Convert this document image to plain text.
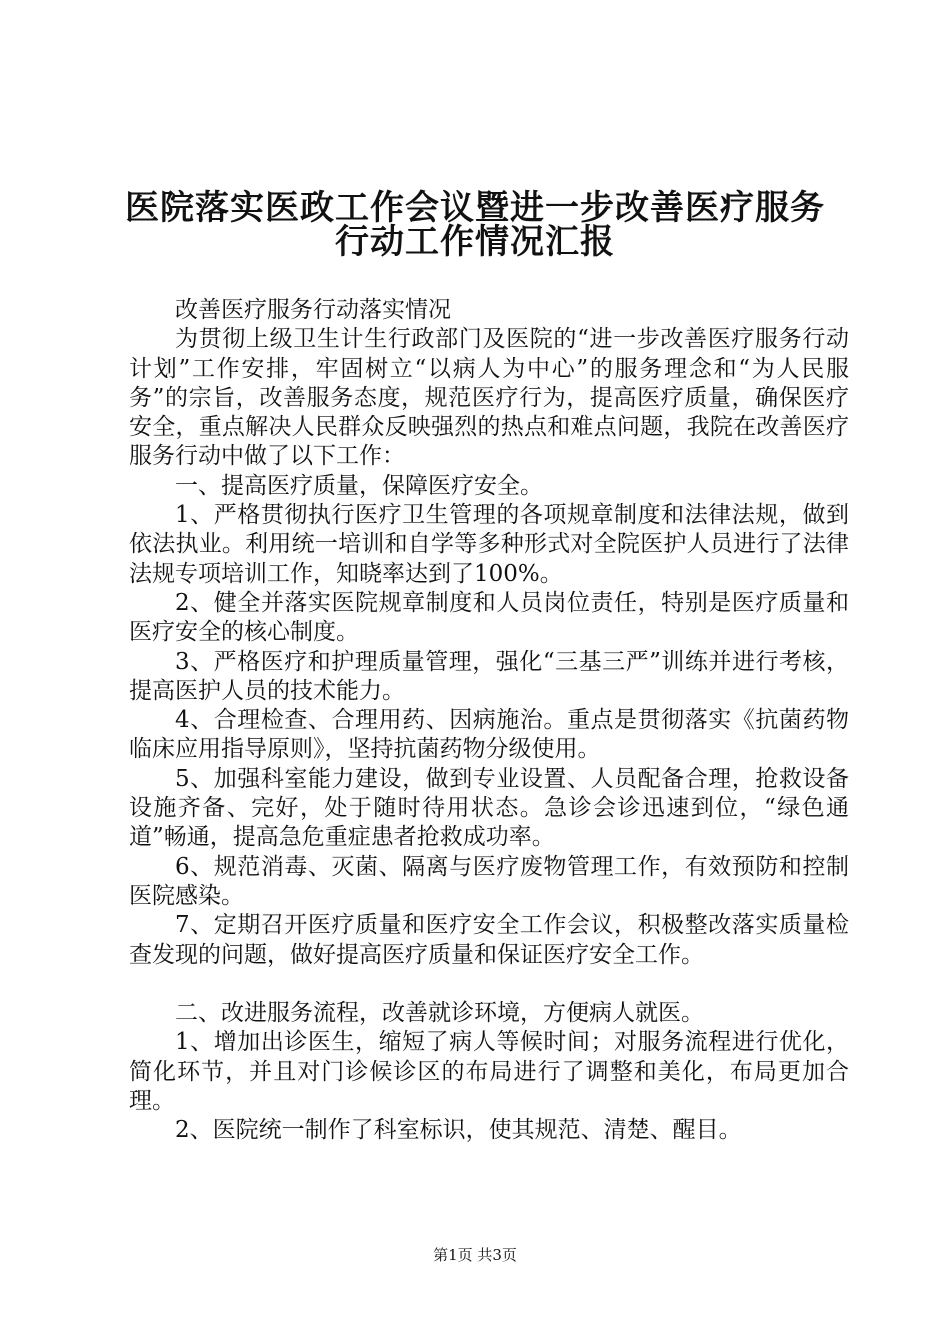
医院落实医政工作会议暨进一步改善医疗服务
行动工作情况汇报

改善医疗服务行动落实情况

为贯彻上级卫生计生行政部门及医院的“进一步改善医疗服务行动计划”工作安排，牢固树立“以病人为中心”的服务理念和“为人民服务”的宗旨，改善服务态度，规范医疗行为，提高医疗质量，确保医疗安全，重点解决人民群众反映强烈的热点和难点问题，我院在改善医疗服务行动中做了以下工作：

一、提高医疗质量，保障医疗安全。

1、严格贯彻执行医疗卫生管理的各项规章制度和法律法规，做到依法执业。利用统一培训和自学等多种形式对全院医护人员进行了法律法规专项培训工作，知晓率达到了100%。

2、健全并落实医院规章制度和人员岗位责任，特别是医疗质量和医疗安全的核心制度。

3、严格医疗和护理质量管理，强化“三基三严”训练并进行考核，提高医护人员的技术能力。

4、合理检查、合理用药、因病施治。重点是贯彻落实《抗菌药物临床应用指导原则》，坚持抗菌药物分级使用。

5、加强科室能力建设，做到专业设置、人员配备合理，抢救设备设施齐备、完好，处于随时待用状态。急诊会诊迅速到位，“绿色通道”畅通，提高急危重症患者抢救成功率。

6、规范消毒、灭菌、隔离与医疗废物管理工作，有效预防和控制医院感染。

7、定期召开医疗质量和医疗安全工作会议，积极整改落实质量检查发现的问题，做好提高医疗质量和保证医疗安全工作。

二、改进服务流程，改善就诊环境，方便病人就医。

1、增加出诊医生，缩短了病人等候时间；对服务流程进行优化，简化环节，并且对门诊候诊区的布局进行了调整和美化，布局更加合理。

2、医院统一制作了科室标识，使其规范、清楚、醒目。

第1页 共3页
